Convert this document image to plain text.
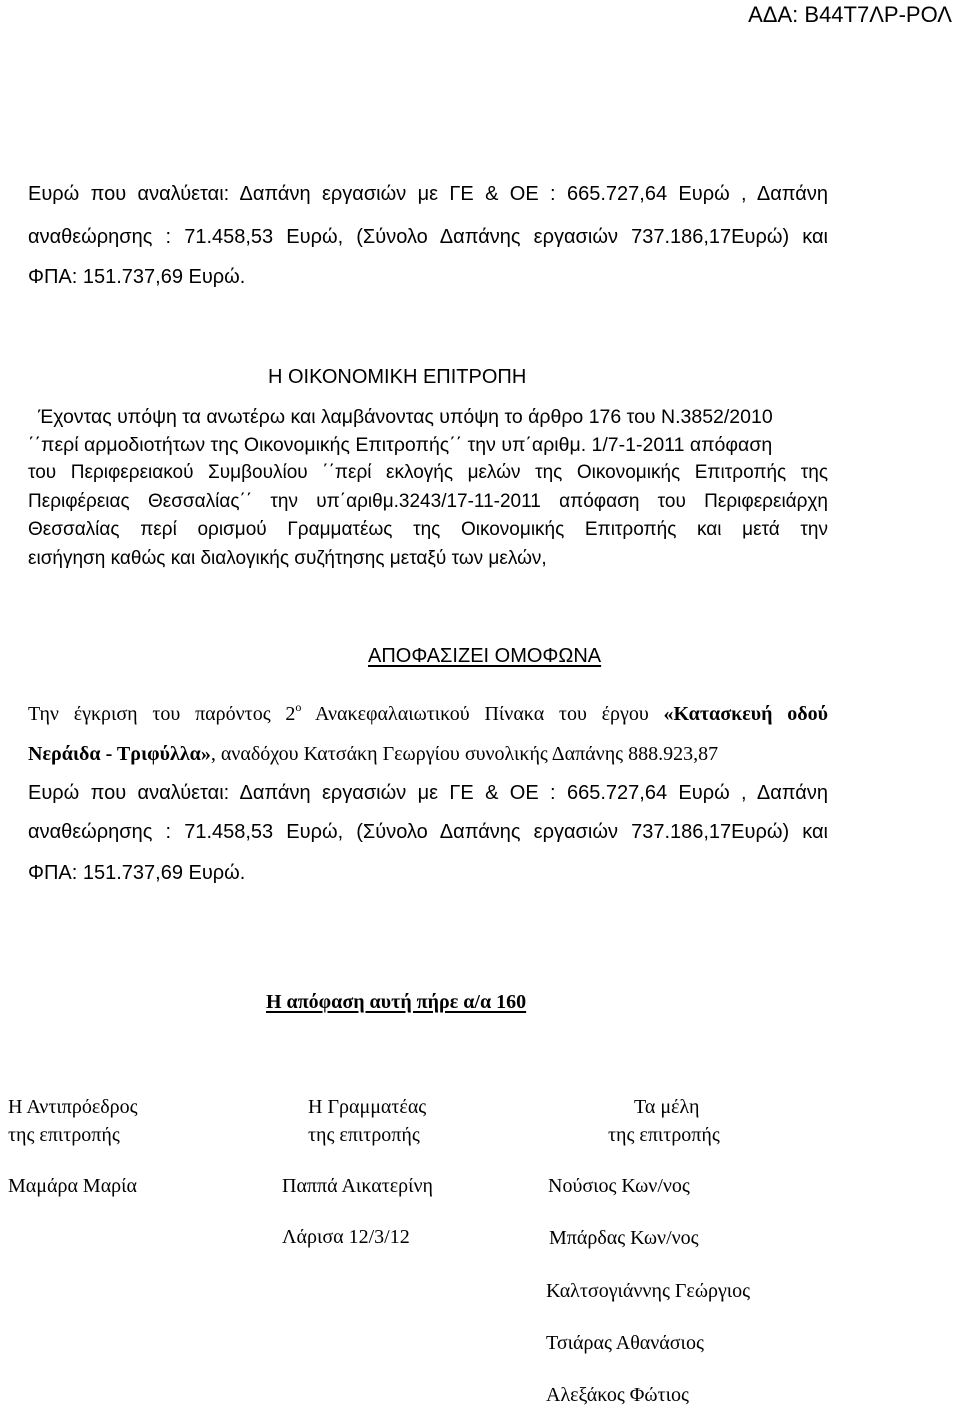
ΑΔΑ: Β44Τ7ΛΡ-ΡΟΛ
Ευρώ που αναλύεται: Δαπάνη εργασιών με ΓΕ & ΟΕ : 665.727,64 Ευρώ , Δαπάνη
αναθεώρησης : 71.458,53 Ευρώ, (Σύνολο Δαπάνης εργασιών 737.186,17Ευρώ) και
ΦΠΑ: 151.737,69 Ευρώ.
Η ΟΙΚΟΝΟΜΙΚΗ ΕΠΙΤΡΟΠΗ
Έχοντας υπόψη τα ανωτέρω και λαμβάνοντας υπόψη το άρθρο 176 του Ν.3852/2010
΄΄περί αρμοδιοτήτων της Οικονομικής Επιτροπής΄΄ την υπ΄αριθμ. 1/7-1-2011 απόφαση
του Περιφερειακού Συμβουλίου ΄΄περί εκλογής μελών της Οικονομικής Επιτροπής της
Περιφέρειας Θεσσαλίας΄΄ την υπ΄αριθμ.3243/17-11-2011 απόφαση του Περιφερειάρχη
Θεσσαλίας περί ορισμού Γραμματέως της Οικονομικής Επιτροπής και μετά την
εισήγηση καθώς και διαλογικής συζήτησης μεταξύ των μελών,
ΑΠΟΦΑΣΙΖΕΙ ΟΜΟΦΩΝΑ
Την έγκριση του παρόντος $2^o$ Ανακεφαλαιωτικού Πίνακα του έργου «Κατασκευή οδού
Νεράιδα - Τριφύλλα», αναδόχου Κατσάκη Γεωργίου συνολικής Δαπάνης 888.923,87
Ευρώ που αναλύεται: Δαπάνη εργασιών με ΓΕ & ΟΕ : 665.727,64 Ευρώ , Δαπάνη
αναθεώρησης : 71.458,53 Ευρώ, (Σύνολο Δαπάνης εργασιών 737.186,17Ευρώ) και
ΦΠΑ: 151.737,69 Ευρώ.
Η απόφαση αυτή πήρε α/α 160
Η Αντιπρόεδρος
της επιτροπής
Η Γραμματέας
της επιτροπής
Τα μέλη
της επιτροπής
Μαμάρα Μαρία	Παππά Αικατερίνη
Λάρισα 12/3/12
Νούσιος Κων/νος
Μπάρδας Κων/νος
Καλτσογιάννης Γεώργιος
Τσιάρας Αθανάσιος
Αλεξάκος Φώτιος
